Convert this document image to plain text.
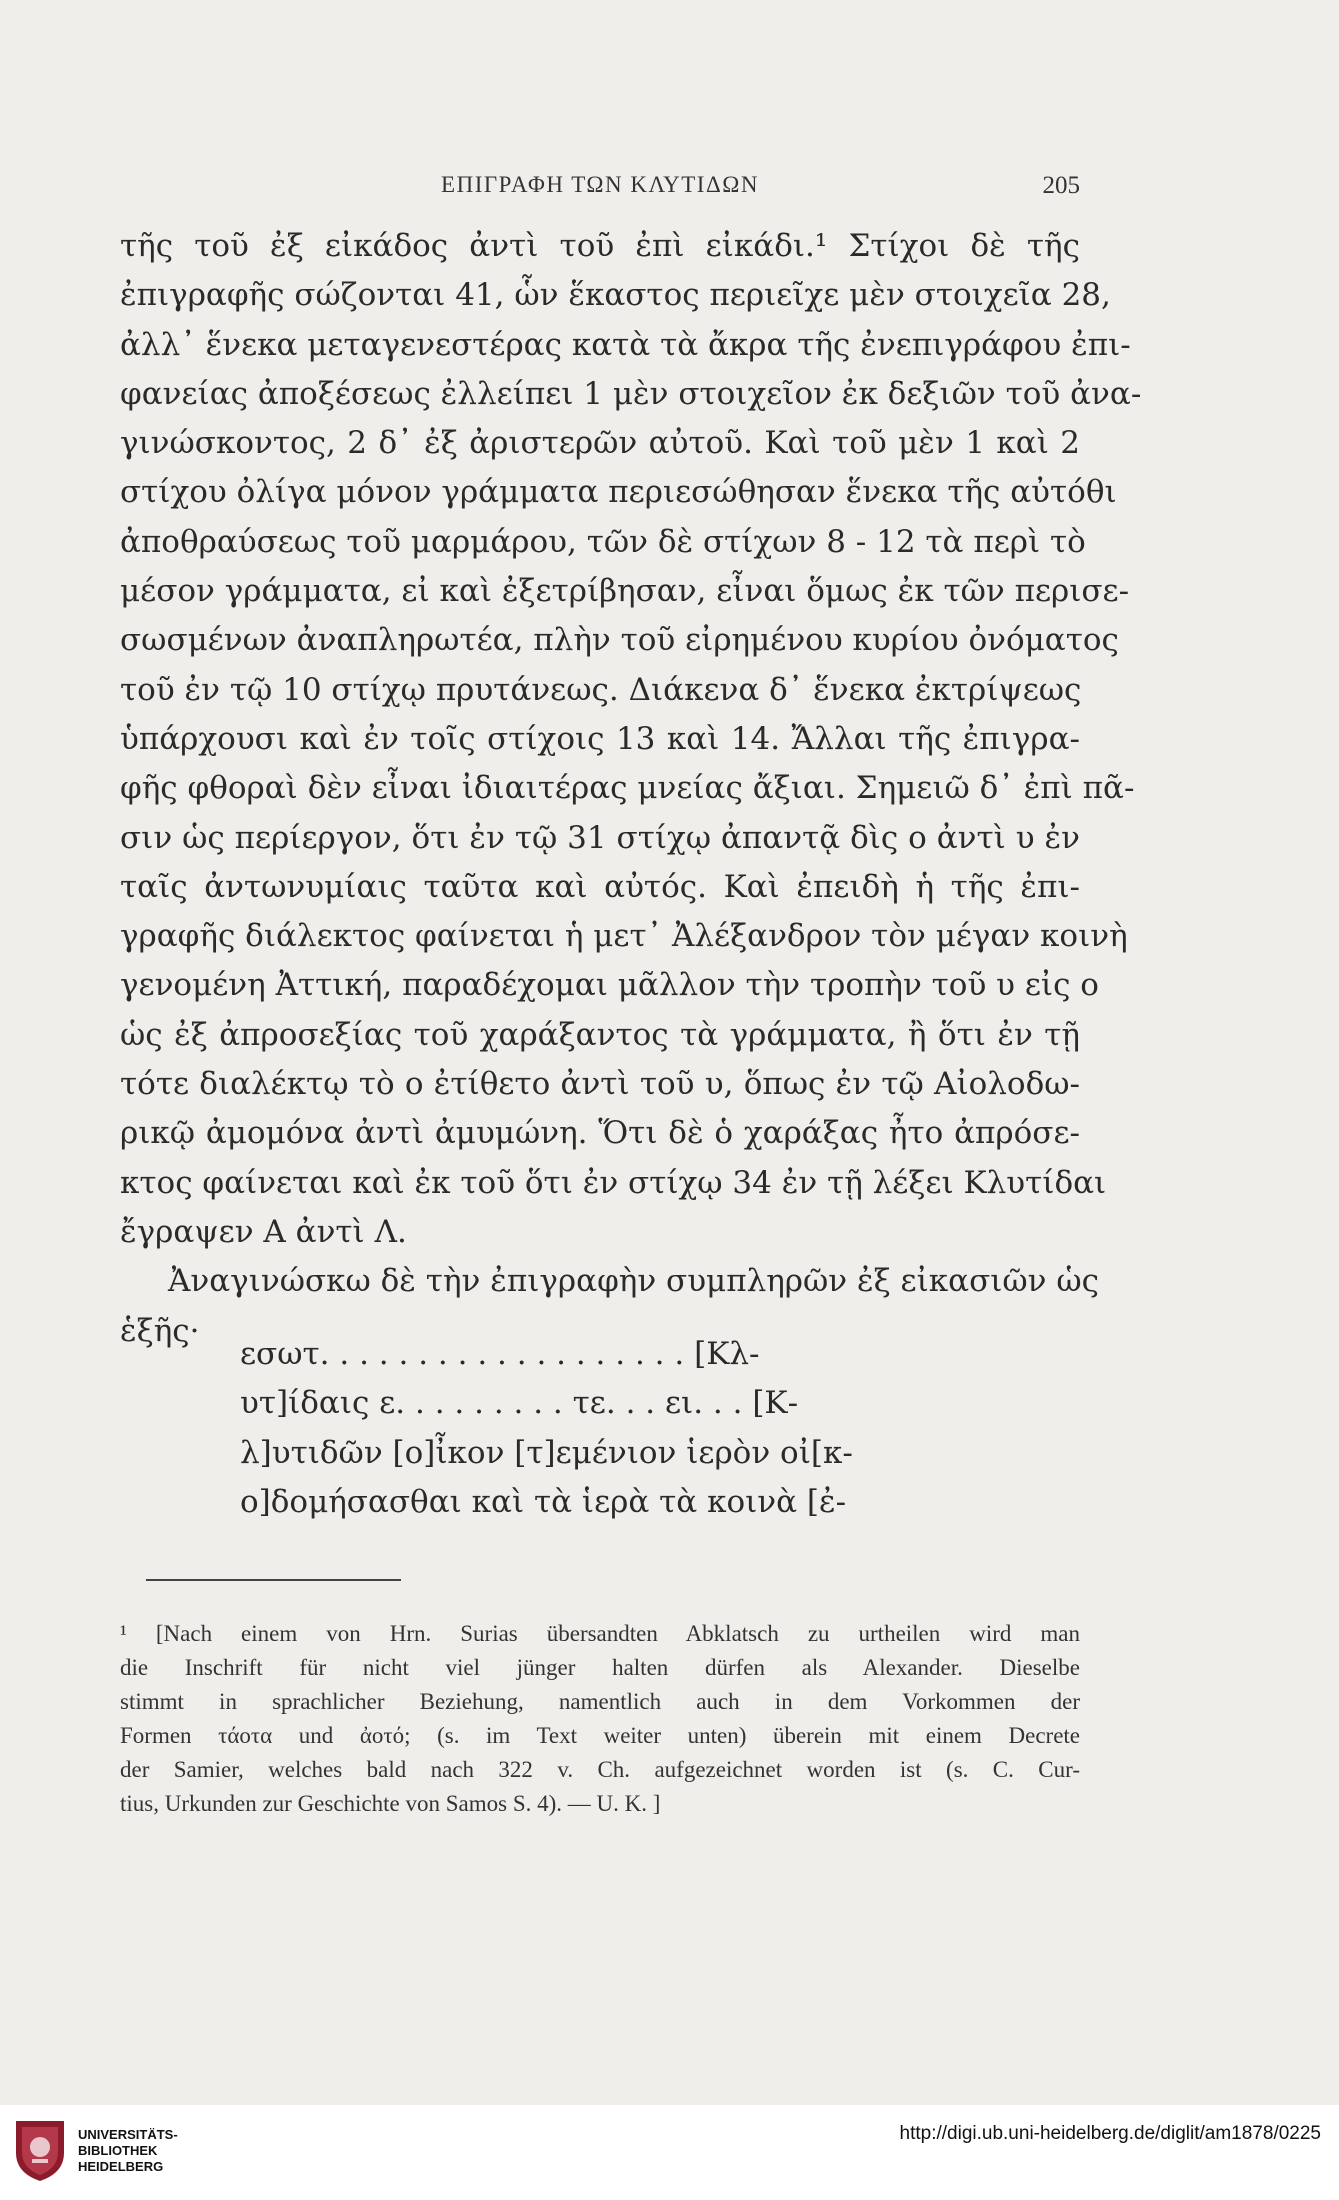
ΕΠΙΓΡΑΦΗ ΤΩΝ ΚΛΥΤΙΔΩΝ	205
τῆς τοῦ ἐξ εἰκάδος ἀντὶ τοῦ ἐπὶ εἰκάδι.¹ Στίχοι δὲ τῆς
ἐπιγραφῆς σώζονται 41, ὧν ἕκαστος περιεῖχε μὲν στοιχεῖα 28,
ἀλλ᾽ ἕνεκα μεταγενεστέρας κατὰ τὰ ἄκρα τῆς ἐνεπιγράφου ἐπι-
φανείας ἀποξέσεως ἐλλείπει 1 μὲν στοιχεῖον ἐκ δεξιῶν τοῦ ἀνα-
γινώσκοντος, 2 δ᾽ ἐξ ἀριστερῶν αὐτοῦ. Καὶ τοῦ μὲν 1 καὶ 2
στίχου ὀλίγα μόνον γράμματα περιεσώθησαν ἕνεκα τῆς αὐτόθι
ἀποθραύσεως τοῦ μαρμάρου, τῶν δὲ στίχων 8 - 12 τὰ περὶ τὸ
μέσον γράμματα, εἰ καὶ ἐξετρίβησαν, εἶναι ὅμως ἐκ τῶν περισε-
σωσμένων ἀναπληρωτέα, πλὴν τοῦ εἰρημένου κυρίου ὀνόματος
τοῦ ἐν τῷ 10 στίχῳ πρυτάνεως. Διάκενα δ᾽ ἕνεκα ἐκτρίψεως
ὑπάρχουσι καὶ ἐν τοῖς στίχοις 13 καὶ 14. Ἄλλαι τῆς ἐπιγρα-
φῆς φθοραὶ δὲν εἶναι ἰδιαιτέρας μνείας ἄξιαι. Σημειῶ δ᾽ ἐπὶ πᾶ-
σιν ὡς περίεργον, ὅτι ἐν τῷ 31 στίχῳ ἀπαντᾷ δὶς ο ἀντὶ υ ἐν
ταῖς ἀντωνυμίαις ταῦτα καὶ αὐτός. Καὶ ἐπειδὴ ἡ τῆς ἐπι-
γραφῆς διάλεκτος φαίνεται ἡ μετ᾽ Ἀλέξανδρον τὸν μέγαν κοινὴ
γενομένη Ἀττική, παραδέχομαι μᾶλλον τὴν τροπὴν τοῦ υ εἰς ο
ὡς ἐξ ἀπροσεξίας τοῦ χαράξαντος τὰ γράμματα, ἢ ὅτι ἐν τῇ
τότε διαλέκτῳ τὸ ο ἐτίθετο ἀντὶ τοῦ υ, ὅπως ἐν τῷ Αἰολοδω-
ρικῷ ἀμομόνα ἀντὶ ἀμυμώνη. Ὅτι δὲ ὁ χαράξας ἦτο ἀπρόσε-
κτος φαίνεται καὶ ἐκ τοῦ ὅτι ἐν στίχῳ 34 ἐν τῇ λέξει Κλυτίδαι
ἔγραψεν Α ἀντὶ Λ.
Ἀναγινώσκω δὲ τὴν ἐπιγραφὴν συμπληρῶν ἐξ εἰκασιῶν ὡς
ἑξῆς·
εσωτ. . . . . . . . . . . . . . . . . . . [Κλ-
υτ]ίδαις ε. . . . . . . . . τε. . . ει. . . [Κ-
λ]υτιδῶν [ο]ἶκον [τ]εμένιον ἱερὸν οἰ[κ-
ο]δομήσασθαι καὶ τὰ ἱερὰ τὰ κοινὰ [ἐ-
¹ [Nach einem von Hrn. Surias übersandten Abklatsch zu urtheilen wird man
die Inschrift für nicht viel jünger halten dürfen als Alexander. Dieselbe
stimmt in sprachlicher Beziehung, namentlich auch in dem Vorkommen der
Formen τάοτα und ἀοτό; (s. im Text weiter unten) überein mit einem Decrete
der Samier, welches bald nach 322 v. Ch. aufgezeichnet worden ist (s. C. Cur-
tius, Urkunden zur Geschichte von Samos S. 4). — U. K. ]
UNIVERSITÄTS-
BIBLIOTHEK
HEIDELBERG
http://digi.ub.uni-heidelberg.de/diglit/am1878/0225
